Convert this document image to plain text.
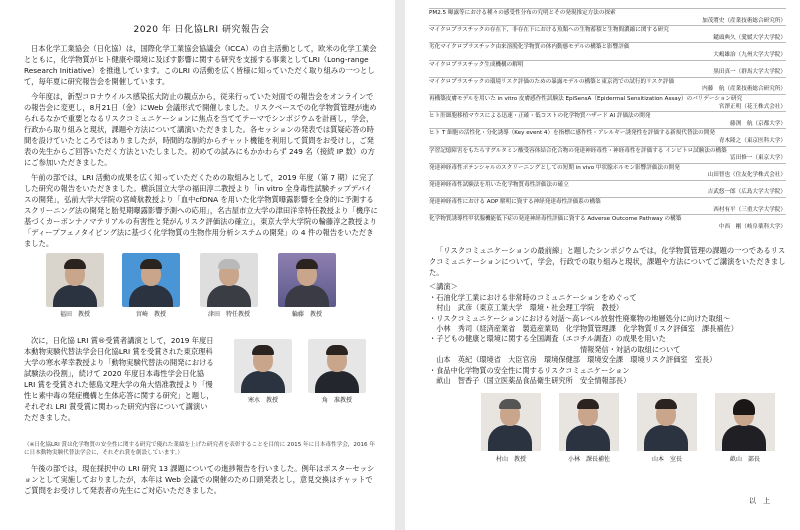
2020 年 日化協LRI 研究報告会

日本化学工業協会（日化協）は，国際化学工業協会協議会（ICCA）の自主活動として，欧米の化学工業会とともに，化学物質がヒト健康や環境に及ぼす影響に関する研究を支援する事業としてLRI（Long-range Research Initiative）を推進しています。このLRI の活動を広く皆様に知っていただく取り組みの一つとして，毎年夏に研究報告会を開催しています。

今年度は，新型コロナウイルス感染拡大防止の観点から，従来行っていた対面での報告会をオンラインでの報告会に変更し，8月21日（金）にWeb 会議形式で開催しました。リスクベースでの化学物質管理が進められるなかで重要となるリスクコミュニケーションに焦点を当ててテーマでシンポジウムを計画し，学会，行政から取り組みと現状，課題や方法について講演いただきました。各セッションの発表では質疑応答の時間を設けていたところではありましたが，時間的な制約からチャット機能を利用して質問をお受けし，ご発表の先生からご回答いただく方法といたしました。初めての試みにもかかわらず 249 名（接続 IP 数）の方にご参加いただきました。

午前の部では，LRI 活動の成果を広く知っていただくための取組みとして，2019 年度（第 7 期）に完了した研究の報告をいただきました。横浜国立大学の福田淳二教授より「in vitro 全身毒性試験チップデバイスの開発」，弘前大学大学院の宮崎航教授より「血中cfDNA を用いた化学物質曝露影響を全身的に予測するスクリーニング法の開発と胎児期曝露影響予測への応用」，名古屋市立大学の津田洋幸特任教授より「機序に基づくカーボンナノマテリアルの有害性と発がんリスク評価法の確立」，東京大学大学院の輪藤淳之教授より「ディープフェノタイピング法に基づく化学物質の生物作用分析システムの開発」の 4 件の報告をいただきました。

福田　教授	宮崎　教授	津田　特任教授	輪藤　教授

次に，日化協 LRI 賞®受賞者講演として，2019 年度日本動物実験代替法学会日化協LRI 賞を受賞された東京理科大学の寒水孝幸教授より「動物実験代替法の開発における試験法の役割」，続けて 2020 年度日本毒性学会日化協LRI 賞を受賞された徳島文理大学の角大悟准教授より「慢性ヒ素中毒の発症機構と生体応答に関する研究」と題し，それぞれ LRI 賞受賞に関わった研究内容について講演いただきました。

寒水　教授	角　准教授

（※日化協LRI 賞は化学物質の安全性に関する研究で優れた業績を上げた研究者を表彰することを目的に 2015 年に日本毒性学会，2016 年に日本動物実験代替法学会に，それぞれ賞を創設しています。）

午後の部では，現在採択中の LRI 研究 13 課題についての進捗報告を行いました。例年はポスターセッションとして実施しておりましたが，本年は Web 会議での開催のため口頭発表とし，意見交換はチャットでご質問をお受けして発表者の先生にご対応いただきました。

PM2.5 曝露等における種々の感受性分布の究明とその発現推定方法の探索
加茂將史（産業技術総合研究所）
マイクロプラスチックの存在下，非存在下における魚類への生物蓄積と生物間濃縮に関する研究
鑓頭典久（愛媛大学大学院）
劣化マイクロプラスチック由来溶脱化学物質の体内動態モデルの構築と影響評価
大嶋雄治（九州大学大学院）
マイクロプラスチック生成機構の解明
黒田真一（群馬大学大学院）
マイクロプラスチックの環境リスク評価のための暴露モデルの構築と東京湾での試行的リスク評価
内藤　航（産業技術総合研究所）
再構築皮膚モデルを用いた in vitro 皮膚感作性試験法 EpiSensA（Epidermal Sensitization Assay）のバリデーション研究
宮澤正明（花王株式会社）
ヒト肝細胞移植マウスによる迅速・正確・低コストの化学物質ハザード AI 評価法の開発
藤渕　航（京都大学）
ヒト T 細胞の活性化・分化誘導（Key event 4）を指標に感作性・アレルギー誘発性を評価する新規代替法の開発
青木隆之（東京医科大学）
学習記憶障害をもたらすグルタミン酸受容体結合化合物の発達神経毒性・神経毒性を評価する インビトロ試験法の構築
冨田修一（東京大学）
発達神経毒性ポテンシャルのスクリーニングとしての短期 in vivo 甲状腺ホルモン影響評価法の開発
山田智也（住友化学株式会社）
発達神経毒性試験法を用いた化学物質毒性評価法の確立
吉武悠一郎（広島大学大学院）
発達神経毒性における AOP 解明に資する神経発達毒性評価系の構築
西村有平（三重大学大学院）
化学物質誘導性甲状腺機能低下症の発達神経毒性評価に資する Adverse Outcome Pathway の構築
中西　剛（岐阜薬科大学）

「リスクコミュニケーションの最前線」と題したシンポジウムでは，化学物質管理の課題の一つであるリスクコミュニケーションについて，学会，行政での取り組みと現状，課題や方法についてご講演をいただきました。

＜講演＞
・石油化学工業における非常時のコミュニケーションをめぐって
　村山　武彦（東京工業大学　環境・社会理工学院　教授）
・リスクコミュニケーションにおける対話～高レベル放射性廃棄物の地層処分に向けた取組～
　小林　秀司（経済産業省　製造産業局　化学物質管理課　化学物質リスク評価室　課長補佐）
・子どもの健康と環境に関する全国調査（エコチル調査）の成果を用いた
　　　　　　　　　　　　　　　　　　　　　情報発信・対話の取組について
　山本　英紀（環境省　大臣官房　環境保健部　環境安全課　環境リスク評価室　室長）
・食品中化学物質の安全性に関するリスクコミュニケーション
　畝山　智香子（国立医薬品食品衛生研究所　安全情報部長）
村山　教授	小林　課長補佐	山本　室長	畝山　部長
以　上
